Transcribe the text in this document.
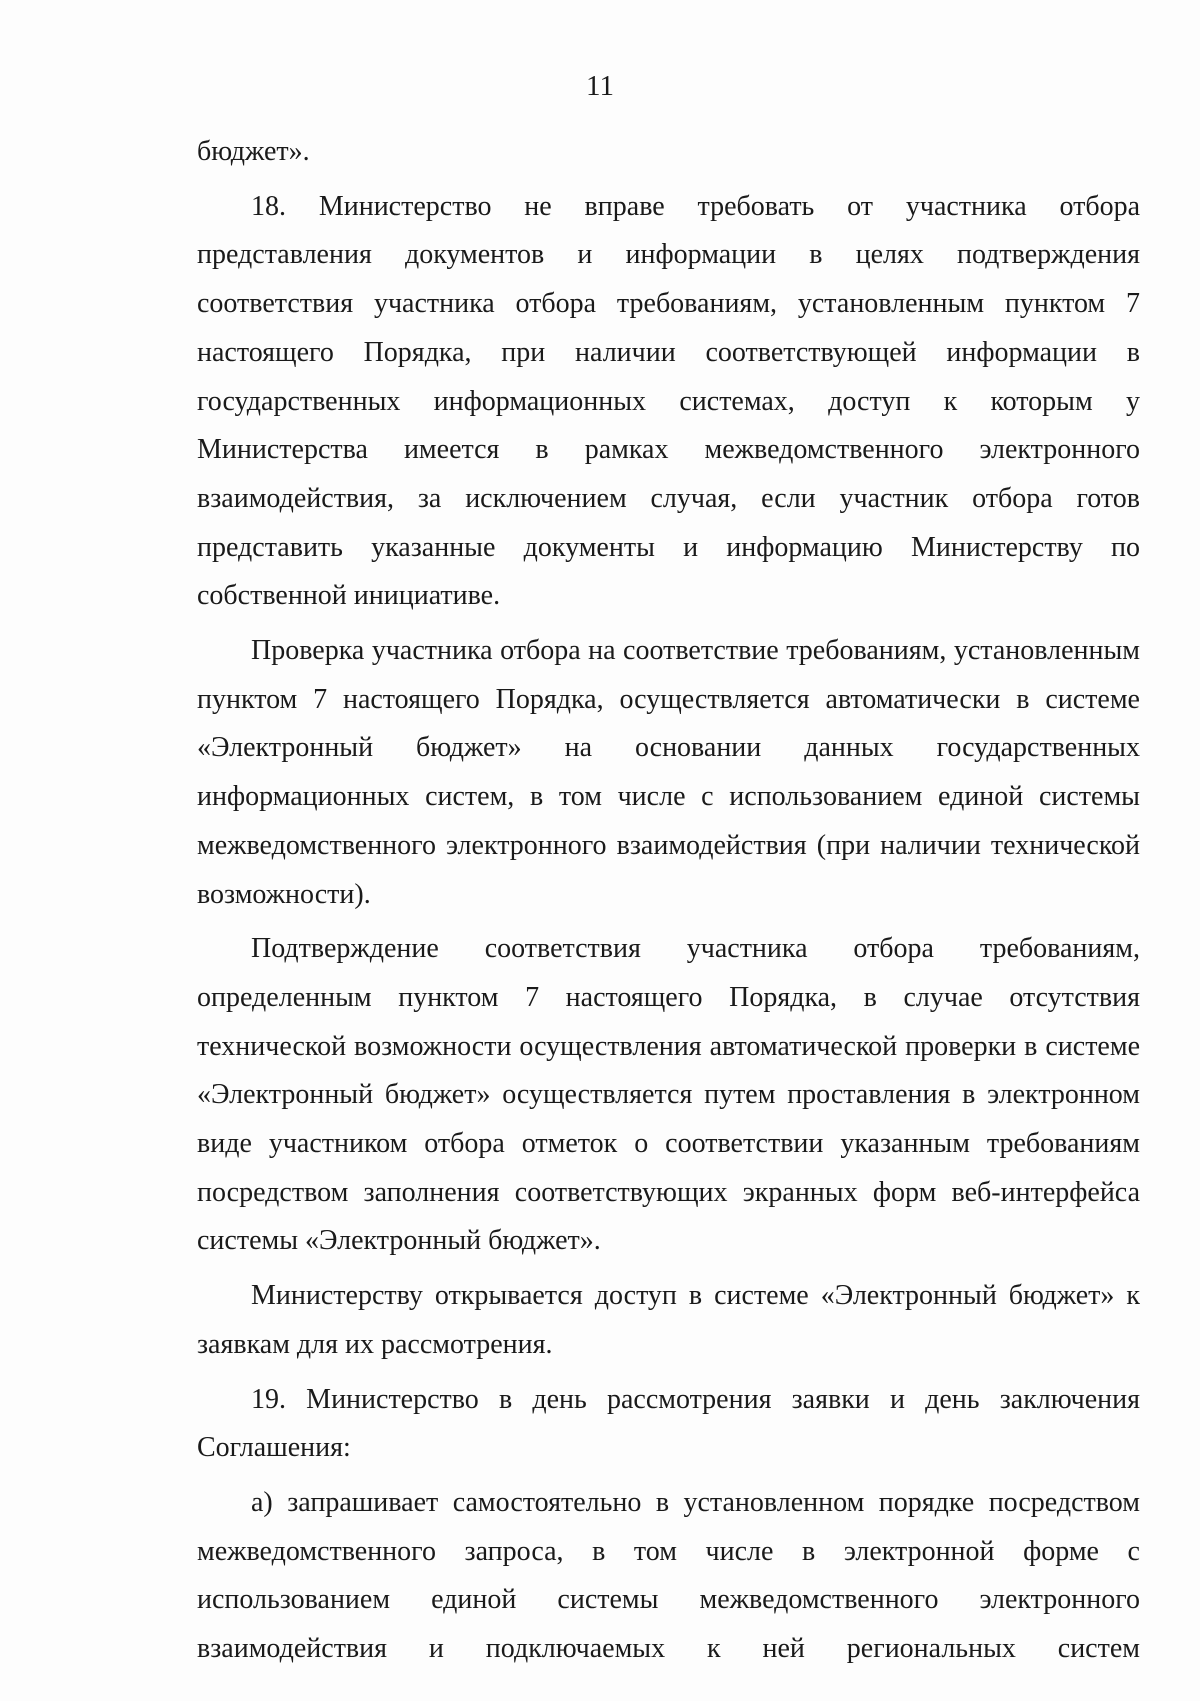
11

бюджет».

18. Министерство не вправе требовать от участника отбора представления документов и информации в целях подтверждения соответствия участника отбора требованиям, установленным пунктом 7 настоящего Порядка, при наличии соответствующей информации в государственных информационных системах, доступ к которым у Министерства имеется в рамках межведомственного электронного взаимодействия, за исключением случая, если участник отбора готов представить указанные документы и информацию Министерству по собственной инициативе.

Проверка участника отбора на соответствие требованиям, установленным пунктом 7 настоящего Порядка, осуществляется автоматически в системе «Электронный бюджет» на основании данных государственных информационных систем, в том числе с использованием единой системы межведомственного электронного взаимодействия (при наличии технической возможности).

Подтверждение соответствия участника отбора требованиям, определенным пунктом 7 настоящего Порядка, в случае отсутствия технической возможности осуществления автоматической проверки в системе «Электронный бюджет» осуществляется путем проставления в электронном виде участником отбора отметок о соответствии указанным требованиям посредством заполнения соответствующих экранных форм веб-интерфейса системы «Электронный бюджет».

Министерству открывается доступ в системе «Электронный бюджет» к заявкам для их рассмотрения.

19. Министерство в день рассмотрения заявки и день заключения Соглашения:

а) запрашивает самостоятельно в установленном порядке посредством межведомственного запроса, в том числе в электронной форме с использованием единой системы межведомственного электронного взаимодействия и подключаемых к ней региональных систем
